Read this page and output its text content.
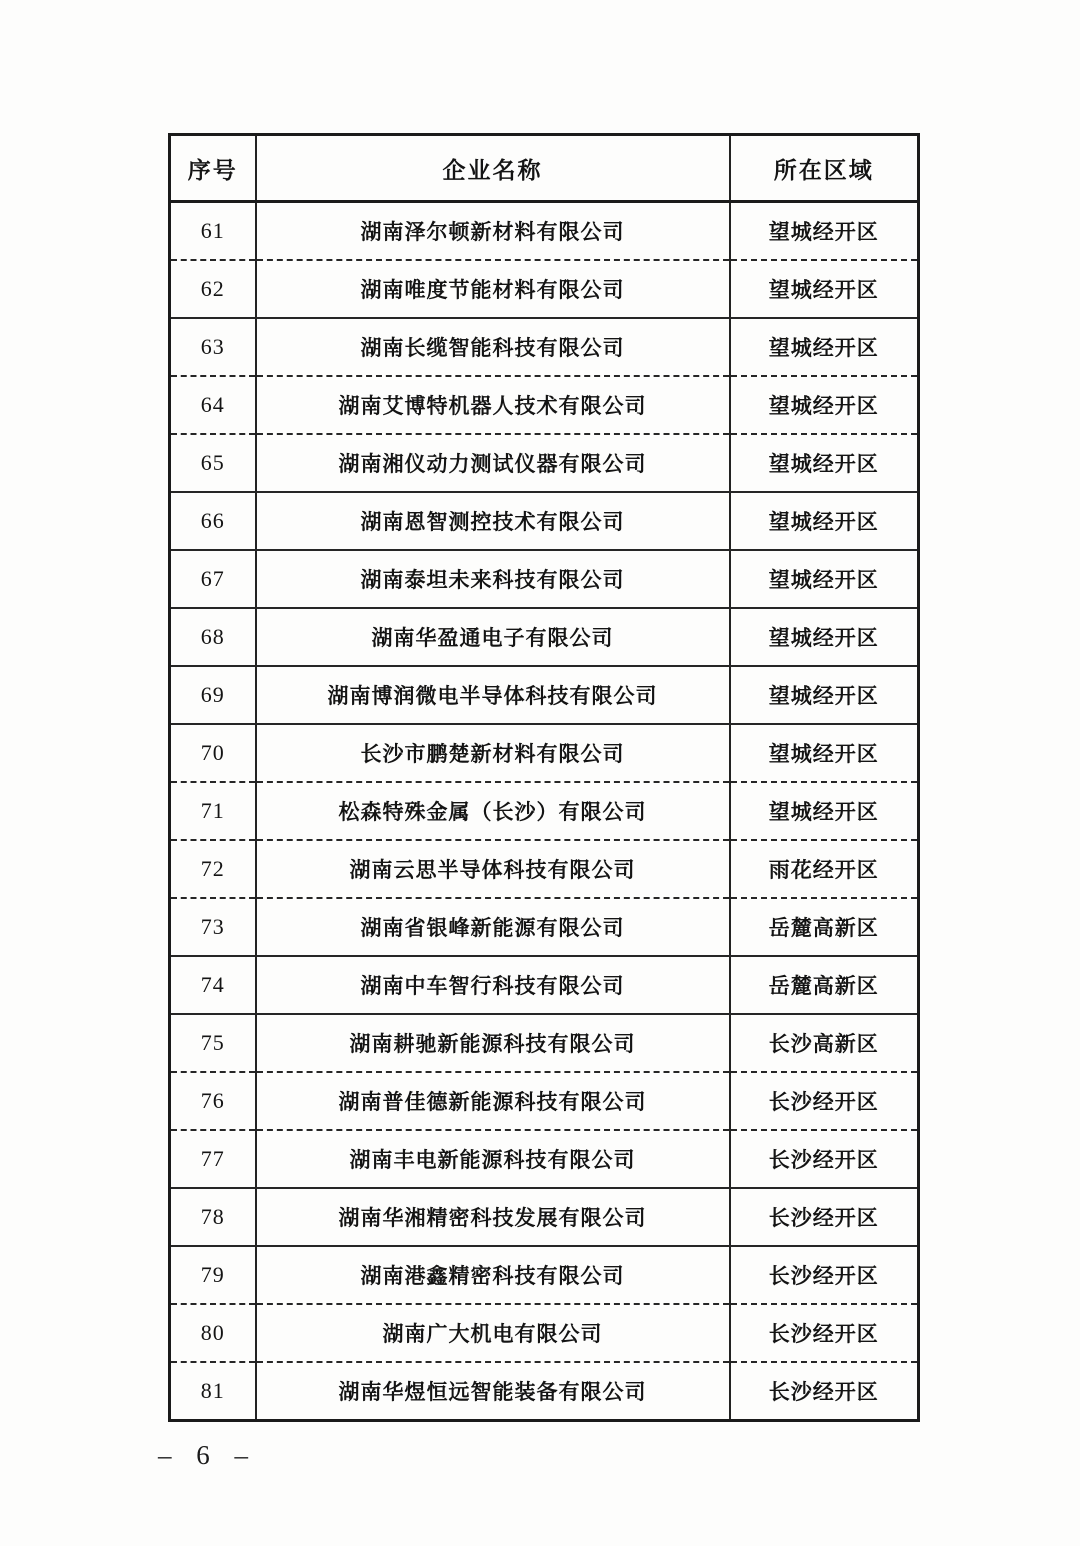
序号	企业名称	所在区域
61	湖南泽尔顿新材料有限公司	望城经开区
62	湖南唯度节能材料有限公司	望城经开区
63	湖南长缆智能科技有限公司	望城经开区
64	湖南艾博特机器人技术有限公司	望城经开区
65	湖南湘仪动力测试仪器有限公司	望城经开区
66	湖南恩智测控技术有限公司	望城经开区
67	湖南泰坦未来科技有限公司	望城经开区
68	湖南华盈通电子有限公司	望城经开区
69	湖南博润微电半导体科技有限公司	望城经开区
70	长沙市鹏楚新材料有限公司	望城经开区
71	松森特殊金属（长沙）有限公司	望城经开区
72	湖南云思半导体科技有限公司	雨花经开区
73	湖南省银峰新能源有限公司	岳麓高新区
74	湖南中车智行科技有限公司	岳麓高新区
75	湖南耕驰新能源科技有限公司	长沙高新区
76	湖南普佳德新能源科技有限公司	长沙经开区
77	湖南丰电新能源科技有限公司	长沙经开区
78	湖南华湘精密科技发展有限公司	长沙经开区
79	湖南港鑫精密科技有限公司	长沙经开区
80	湖南广大机电有限公司	长沙经开区
81	湖南华煜恒远智能装备有限公司	长沙经开区
– 6 –
